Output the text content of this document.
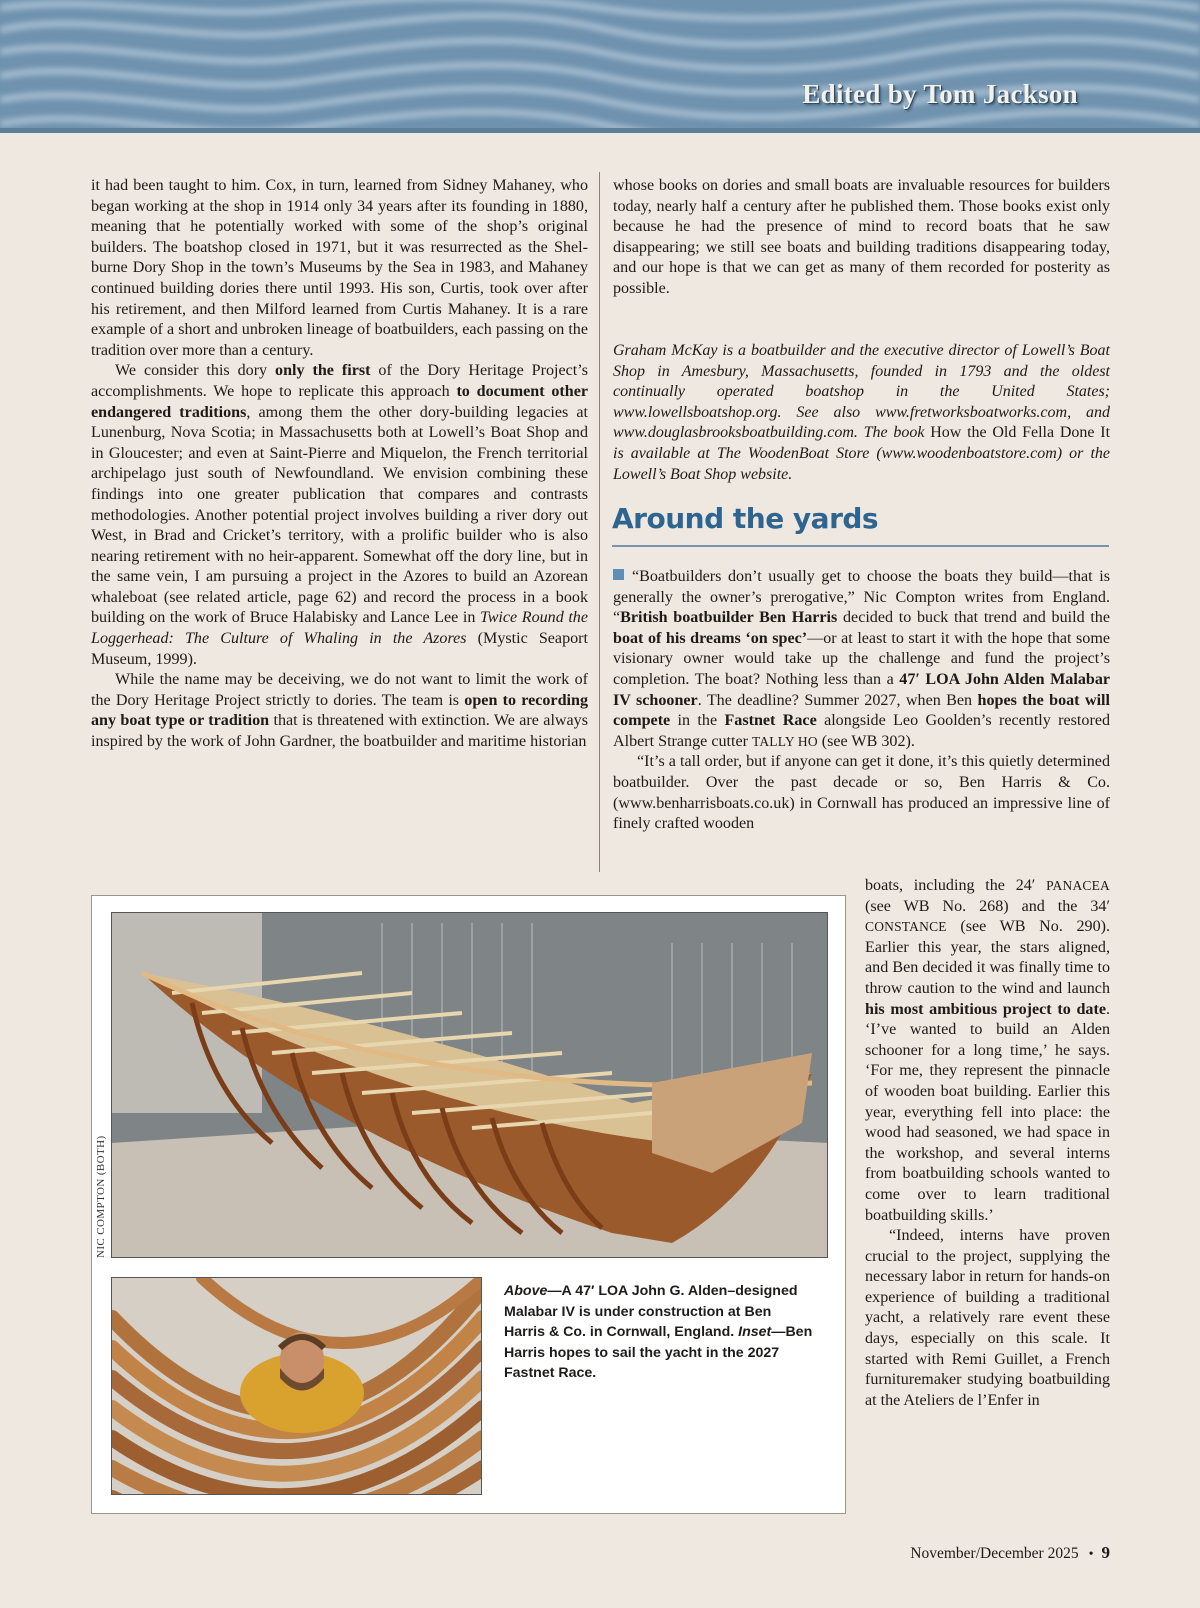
Edited by Tom Jackson

it had been taught to him. Cox, in turn, learned from Sidney Mahaney, who began working at the shop in 1914 only 34 years after its founding in 1880, meaning that he potentially worked with some of the shop’s original builders. The boatshop closed in 1971, but it was resurrected as the Shelburne Dory Shop in the town’s Museums by the Sea in 1983, and Mahaney continued building dories there until 1993. His son, Curtis, took over after his retirement, and then Milford learned from Curtis Mahaney. It is a rare example of a short and unbroken lineage of boatbuilders, each passing on the tradition over more than a century.

We consider this dory only the first of the Dory Heritage Project’s accomplishments. We hope to replicate this approach to document other endangered traditions, among them the other dory-building legacies at Lunenburg, Nova Scotia; in Massachusetts both at Lowell’s Boat Shop and in Gloucester; and even at Saint-Pierre and Miquelon, the French territorial archipelago just south of Newfoundland. We envision combining these findings into one greater publication that compares and contrasts methodologies. Another potential project involves building a river dory out West, in Brad and Cricket’s territory, with a prolific builder who is also nearing retirement with no heir-apparent. Somewhat off the dory line, but in the same vein, I am pursuing a project in the Azores to build an Azorean whaleboat (see related article, page 62) and record the process in a book building on the work of Bruce Halabisky and Lance Lee in Twice Round the Loggerhead: The Culture of Whaling in the Azores (Mystic Seaport Museum, 1999).

While the name may be deceiving, we do not want to limit the work of the Dory Heritage Project strictly to dories. The team is open to recording any boat type or tradition that is threatened with extinction. We are always inspired by the work of John Gardner, the boatbuilder and maritime historian

whose books on dories and small boats are invaluable resources for builders today, nearly half a century after he published them. Those books exist only because he had the presence of mind to record boats that he saw disappearing; we still see boats and building traditions disappearing today, and our hope is that we can get as many of them recorded for posterity as possible.

Graham McKay is a boatbuilder and the executive director of Lowell’s Boat Shop in Amesbury, Massachusetts, founded in 1793 and the oldest continually operated boatshop in the United States; www.lowellsboatshop.org. See also www.fretworksboatworks.com, and www.douglasbrooksboatbuilding.com. The book How the Old Fella Done It is available at The WoodenBoat Store (www.woodenboatstore.com) or the Lowell’s Boat Shop website.
Around the yards

“Boatbuilders don’t usually get to choose the boats they build—that is generally the owner’s prerogative,” Nic Compton writes from England. “British boatbuilder Ben Harris decided to buck that trend and build the boat of his dreams ‘on spec’—or at least to start it with the hope that some visionary owner would take up the challenge and fund the project’s completion. The boat? Nothing less than a 47′ LOA John Alden Malabar IV schooner. The deadline? Summer 2027, when Ben hopes the boat will compete in the Fastnet Race alongside Leo Goolden’s recently restored Albert Strange cutter TALLY HO (see WB 302).

“It’s a tall order, but if anyone can get it done, it’s this quietly determined boatbuilder. Over the past decade or so, Ben Harris & Co. (www.benharrisboats.co.uk) in Cornwall has produced an impressive line of finely crafted wooden

boats, including the 24′ PANACEA (see WB No. 268) and the 34′ CONSTANCE (see WB No. 290). Earlier this year, the stars aligned, and Ben decided it was finally time to throw caution to the wind and launch his most ambitious project to date. ‘I’ve wanted to build an Alden schooner for a long time,’ he says. ‘For me, they represent the pinnacle of wooden boat building. Earlier this year, everything fell into place: the wood had seasoned, we had space in the workshop, and several interns from boatbuilding schools wanted to come over to learn traditional boatbuilding skills.’

“Indeed, interns have proven crucial to the project, supplying the necessary labor in return for hands-on experience of building a traditional yacht, a relatively rare event these days, especially on this scale. It started with Remi Guillet, a French furnituremaker studying boatbuilding at the Ateliers de l’Enfer in

NIC COMPTON (BOTH)
Above—A 47′ LOA John G. Alden–designed Malabar IV is under construction at Ben Harris & Co. in Cornwall, England. Inset—Ben Harris hopes to sail the yacht in the 2027 Fastnet Race.
November/December 2025 • 9
